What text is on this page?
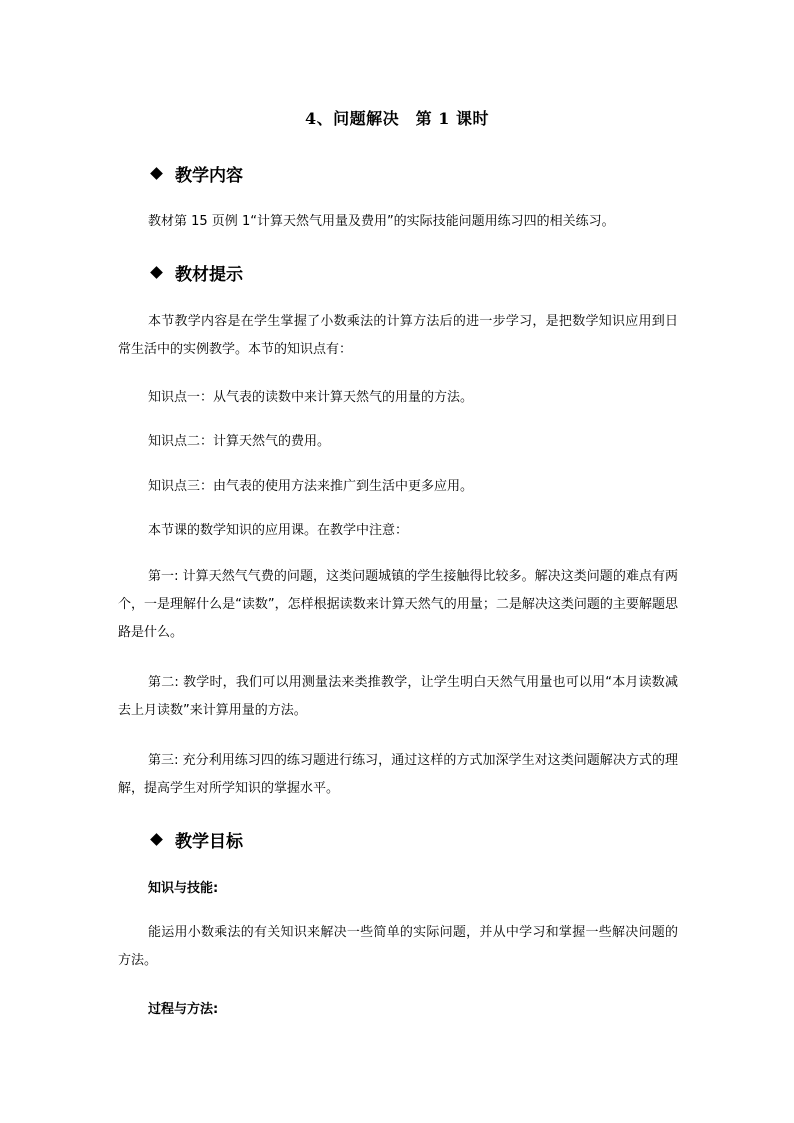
4、问题解决　第 1 课时
教学内容

教材第 15 页例 1“计算天然气用量及费用”的实际技能问题用练习四的相关练习。

教材提示

本节教学内容是在学生掌握了小数乘法的计算方法后的进一步学习，是把数学知识应用到日常生活中的实例教学。本节的知识点有：

知识点一：从气表的读数中来计算天然气的用量的方法。

知识点二：计算天然气的费用。

知识点三：由气表的使用方法来推广到生活中更多应用。

本节课的数学知识的应用课。在教学中注意：

第一: 计算天然气气费的问题，这类问题城镇的学生接触得比较多。解决这类问题的难点有两个，一是理解什么是“读数”，怎样根据读数来计算天然气的用量；二是解决这类问题的主要解题思路是什么。

第二: 教学时，我们可以用测量法来类推教学，让学生明白天然气用量也可以用“本月读数减去上月读数”来计算用量的方法。

第三: 充分利用练习四的练习题进行练习，通过这样的方式加深学生对这类问题解决方式的理解，提高学生对所学知识的掌握水平。

教学目标
知识与技能:

能运用小数乘法的有关知识来解决一些简单的实际问题，并从中学习和掌握一些解决问题的方法。

过程与方法:
